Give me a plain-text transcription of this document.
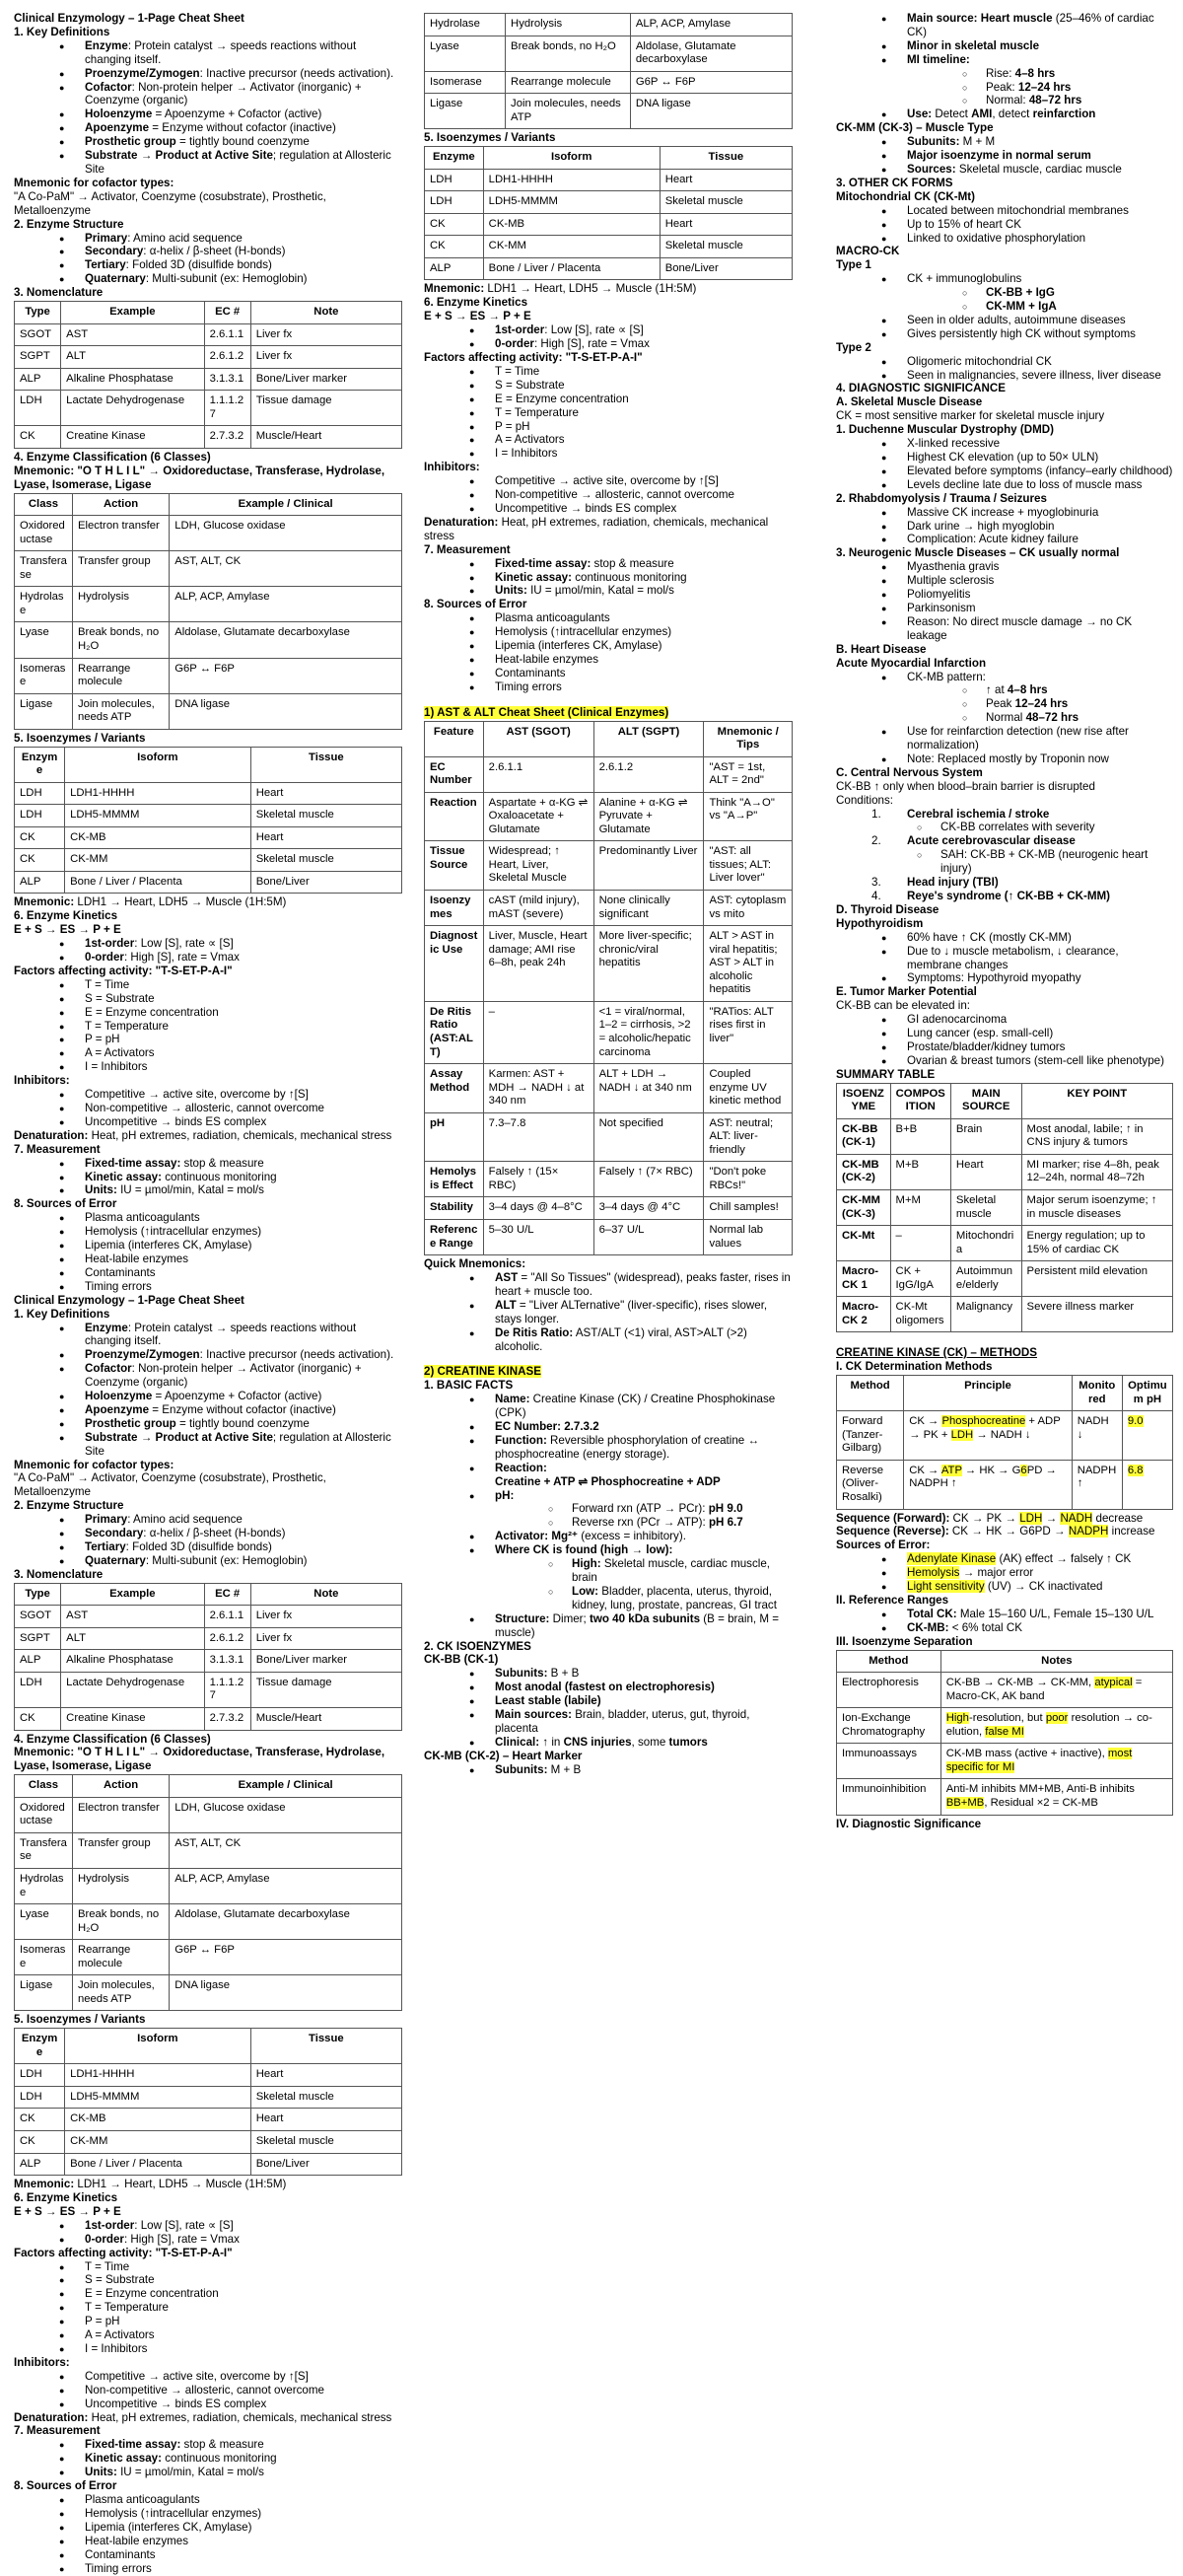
Clinical Enzymology – 1-Page Cheat Sheet
1. Key Definitions
● Enzyme: Protein catalyst → speeds reactions without changing itself.
● Proenzyme/Zymogen: Inactive precursor (needs activation).
● Cofactor: Non-protein helper → Activator (inorganic) + Coenzyme (organic)
● Holoenzyme = Apoenzyme + Cofactor (active)
● Apoenzyme = Enzyme without cofactor (inactive)
● Prosthetic group = tightly bound coenzyme
● Substrate → Product at Active Site; regulation at Allosteric Site
Mnemonic for cofactor types:
"A Co-PaM" → Activator, Coenzyme (cosubstrate), Prosthetic, Metalloenzyme
2. Enzyme Structure
● Primary: Amino acid sequence
● Secondary: α-helix / β-sheet (H-bonds)
● Tertiary: Folded 3D (disulfide bonds)
● Quaternary: Multi-subunit (ex: Hemoglobin)
3. Nomenclature
Type	Example	EC #	Note
SGOT	AST	2.6.1.1	Liver fx
SGPT	ALT	2.6.1.2	Liver fx
ALP	Alkaline Phosphatase	3.1.3.1	Bone/Liver marker
LDH	Lactate Dehydrogenase	1.1.1.27	Tissue damage
CK	Creatine Kinase	2.7.3.2	Muscle/Heart
4. Enzyme Classification (6 Classes)
Mnemonic: "O T H L I L" → Oxidoreductase, Transferase, Hydrolase, Lyase, Isomerase, Ligase
Class	Action	Example / Clinical
Oxidoreductase	Electron transfer	LDH, Glucose oxidase
Transferase	Transfer group	AST, ALT, CK
Hydrolase	Hydrolysis	ALP, ACP, Amylase
Lyase	Break bonds, no H₂O	Aldolase, Glutamate decarboxylase
Isomerase	Rearrange molecule	G6P ↔ F6P
Ligase	Join molecules, needs ATP	DNA ligase
5. Isoenzymes / Variants
Enzyme	Isoform	Tissue
LDH	LDH1-HHHH	Heart
LDH	LDH5-MMMM	Skeletal muscle
CK	CK-MB	Heart
CK	CK-MM	Skeletal muscle
ALP	Bone / Liver / Placenta	Bone/Liver
Mnemonic: LDH1 → Heart, LDH5 → Muscle (1H:5M)
6. Enzyme Kinetics
E + S → ES → P + E
● 1st-order: Low [S], rate ∝ [S]
● 0-order: High [S], rate = Vmax
Factors affecting activity: "T-S-ET-P-A-I"
● T = Time
● S = Substrate
● E = Enzyme concentration
● T = Temperature
● P = pH
● A = Activators
● I = Inhibitors
Inhibitors:
● Competitive → active site, overcome by ↑[S]
● Non-competitive → allosteric, cannot overcome
● Uncompetitive → binds ES complex
Denaturation: Heat, pH extremes, radiation, chemicals, mechanical stress
7. Measurement
● Fixed-time assay: stop & measure
● Kinetic assay: continuous monitoring
● Units: IU = µmol/min, Katal = mol/s
8. Sources of Error
● Plasma anticoagulants
● Hemolysis (↑intracellular enzymes)
● Lipemia (interferes CK, Amylase)
● Heat-labile enzymes
● Contaminants
● Timing errors
Clinical Enzymology – 1-Page Cheat Sheet
1. Key Definitions
● Enzyme: Protein catalyst → speeds reactions without changing itself.
● Proenzyme/Zymogen: Inactive precursor (needs activation).
● Cofactor: Non-protein helper → Activator (inorganic) + Coenzyme (organic)
● Holoenzyme = Apoenzyme + Cofactor (active)
● Apoenzyme = Enzyme without cofactor (inactive)
● Prosthetic group = tightly bound coenzyme
● Substrate → Product at Active Site; regulation at Allosteric Site
Mnemonic for cofactor types:
"A Co-PaM" → Activator, Coenzyme (cosubstrate), Prosthetic, Metalloenzyme
2. Enzyme Structure
● Primary: Amino acid sequence
● Secondary: α-helix / β-sheet (H-bonds)
● Tertiary: Folded 3D (disulfide bonds)
● Quaternary: Multi-subunit (ex: Hemoglobin)
3. Nomenclature
Type	Example	EC #	Note
SGOT	AST	2.6.1.1	Liver fx
SGPT	ALT	2.6.1.2	Liver fx
ALP	Alkaline Phosphatase	3.1.3.1	Bone/Liver marker
LDH	Lactate Dehydrogenase	1.1.1.27	Tissue damage
CK	Creatine Kinase	2.7.3.2	Muscle/Heart
4. Enzyme Classification (6 Classes)
Mnemonic: "O T H L I L" → Oxidoreductase, Transferase, Hydrolase, Lyase, Isomerase, Ligase
Class	Action	Example / Clinical
Oxidoreductase	Electron transfer	LDH, Glucose oxidase
Transferase	Transfer group	AST, ALT, CK
Hydrolase	Hydrolysis	ALP, ACP, Amylase
Lyase	Break bonds, no H₂O	Aldolase, Glutamate decarboxylase
Isomerase	Rearrange molecule	G6P ↔ F6P
Ligase	Join molecules, needs ATP	DNA ligase
5. Isoenzymes / Variants
Enzyme	Isoform	Tissue
LDH	LDH1-HHHH	Heart
LDH	LDH5-MMMM	Skeletal muscle
CK	CK-MB	Heart
CK	CK-MM	Skeletal muscle
ALP	Bone / Liver / Placenta	Bone/Liver
Mnemonic: LDH1 → Heart, LDH5 → Muscle (1H:5M)
6. Enzyme Kinetics
E + S → ES → P + E
● 1st-order: Low [S], rate ∝ [S]
● 0-order: High [S], rate = Vmax
Factors affecting activity: "T-S-ET-P-A-I"
● T = Time
● S = Substrate
● E = Enzyme concentration
● T = Temperature
● P = pH
● A = Activators
● I = Inhibitors
Inhibitors:
● Competitive → active site, overcome by ↑[S]
● Non-competitive → allosteric, cannot overcome
● Uncompetitive → binds ES complex
Denaturation: Heat, pH extremes, radiation, chemicals, mechanical stress
7. Measurement
● Fixed-time assay: stop & measure
● Kinetic assay: continuous monitoring
● Units: IU = µmol/min, Katal = mol/s
8. Sources of Error
● Plasma anticoagulants
● Hemolysis (↑intracellular enzymes)
● Lipemia (interferes CK, Amylase)
● Heat-labile enzymes
● Contaminants
● Timing errors
Hydrolase	Hydrolysis	ALP, ACP, Amylase
Lyase	Break bonds, no H₂O	Aldolase, Glutamate decarboxylase
Isomerase	Rearrange molecule	G6P ↔ F6P
Ligase	Join molecules, needs ATP	DNA ligase
5. Isoenzymes / Variants
Enzyme	Isoform	Tissue
LDH	LDH1-HHHH	Heart
LDH	LDH5-MMMM	Skeletal muscle
CK	CK-MB	Heart
CK	CK-MM	Skeletal muscle
ALP	Bone / Liver / Placenta	Bone/Liver
Mnemonic: LDH1 → Heart, LDH5 → Muscle (1H:5M)
6. Enzyme Kinetics
E + S → ES → P + E
● 1st-order: Low [S], rate ∝ [S]
● 0-order: High [S], rate = Vmax
Factors affecting activity: "T-S-ET-P-A-I"
● T = Time
● S = Substrate
● E = Enzyme concentration
● T = Temperature
● P = pH
● A = Activators
● I = Inhibitors
Inhibitors:
● Competitive → active site, overcome by ↑[S]
● Non-competitive → allosteric, cannot overcome
● Uncompetitive → binds ES complex
Denaturation: Heat, pH extremes, radiation, chemicals, mechanical stress
7. Measurement
● Fixed-time assay: stop & measure
● Kinetic assay: continuous monitoring
● Units: IU = µmol/min, Katal = mol/s
8. Sources of Error
● Plasma anticoagulants
● Hemolysis (↑intracellular enzymes)
● Lipemia (interferes CK, Amylase)
● Heat-labile enzymes
● Contaminants
● Timing errors
1) AST & ALT Cheat Sheet (Clinical Enzymes)
Feature	AST (SGOT)	ALT (SGPT)	Mnemonic / Tips
EC Number	2.6.1.1	2.6.1.2	"AST = 1st, ALT = 2nd"
Reaction	Aspartate + α-KG ⇌ Oxaloacetate + Glutamate	Alanine + α-KG ⇌ Pyruvate + Glutamate	Think "A→O" vs "A→P"
Tissue Source	Widespread; ↑ Heart, Liver, Skeletal Muscle	Predominantly Liver	"AST: all tissues; ALT: Liver lover"
Isoenzymes	cAST (mild injury), mAST (severe)	None clinically significant	AST: cytoplasm vs mito
Diagnostic Use	Liver, Muscle, Heart damage; AMI rise 6–8h, peak 24h	More liver-specific; chronic/viral hepatitis	ALT > AST in viral hepatitis; AST > ALT in alcoholic hepatitis
De Ritis Ratio (AST:ALT)	–	<1 = viral/normal, 1–2 = cirrhosis, >2 = alcoholic/hepatic carcinoma	"RATios: ALT rises first in liver"
Assay Method	Karmen: AST + MDH → NADH ↓ at 340 nm	ALT + LDH → NADH ↓ at 340 nm	Coupled enzyme UV kinetic method
pH	7.3–7.8	Not specified	AST: neutral; ALT: liver-friendly
Hemolysis Effect	Falsely ↑ (15× RBC)	Falsely ↑ (7× RBC)	"Don't poke RBCs!"
Stability	3–4 days @ 4–8°C	3–4 days @ 4°C	Chill samples!
Reference Range	5–30 U/L	6–37 U/L	Normal lab values
Quick Mnemonics:
● AST = "All So Tissues" (widespread), peaks faster, rises in heart + muscle too.
● ALT = "Liver ALTernative" (liver-specific), rises slower, stays longer.
● De Ritis Ratio: AST/ALT (<1) viral, AST>ALT (>2) alcoholic.
2) CREATINE KINASE
1. BASIC FACTS
● Name: Creatine Kinase (CK) / Creatine Phosphokinase (CPK)
● EC Number: 2.7.3.2
● Function: Reversible phosphorylation of creatine ↔ phosphocreatine (energy storage).
● Reaction:
Creatine + ATP ⇌ Phosphocreatine + ADP
● pH:
○ Forward rxn (ATP → PCr): pH 9.0
○ Reverse rxn (PCr → ATP): pH 6.7
● Activator: Mg²⁺ (excess = inhibitory).
● Where CK is found (high → low):
○ High: Skeletal muscle, cardiac muscle, brain
○ Low: Bladder, placenta, uterus, thyroid, kidney, lung, prostate, pancreas, GI tract
● Structure: Dimer; two 40 kDa subunits (B = brain, M = muscle)
2. CK ISOENZYMES
CK-BB (CK-1)
● Subunits: B + B
● Most anodal (fastest on electrophoresis)
● Least stable (labile)
● Main sources: Brain, bladder, uterus, gut, thyroid, placenta
● Clinical: ↑ in CNS injuries, some tumors
CK-MB (CK-2) – Heart Marker
● Subunits: M + B
● Main source: Heart muscle (25–46% of cardiac CK)
● Minor in skeletal muscle
● MI timeline:
○ Rise: 4–8 hrs
○ Peak: 12–24 hrs
○ Normal: 48–72 hrs
● Use: Detect AMI, detect reinfarction
CK-MM (CK-3) – Muscle Type
● Subunits: M + M
● Major isoenzyme in normal serum
● Sources: Skeletal muscle, cardiac muscle
3. OTHER CK FORMS
Mitochondrial CK (CK-Mt)
● Located between mitochondrial membranes
● Up to 15% of heart CK
● Linked to oxidative phosphorylation
MACRO-CK
Type 1
● CK + immunoglobulins
○ CK-BB + IgG
○ CK-MM + IgA
● Seen in older adults, autoimmune diseases
● Gives persistently high CK without symptoms
Type 2
● Oligomeric mitochondrial CK
● Seen in malignancies, severe illness, liver disease
4. DIAGNOSTIC SIGNIFICANCE
A. Skeletal Muscle Disease
CK = most sensitive marker for skeletal muscle injury
1. Duchenne Muscular Dystrophy (DMD)
● X-linked recessive
● Highest CK elevation (up to 50× ULN)
● Elevated before symptoms (infancy–early childhood)
● Levels decline late due to loss of muscle mass
2. Rhabdomyolysis / Trauma / Seizures
● Massive CK increase + myoglobinuria
● Dark urine → high myoglobin
● Complication: Acute kidney failure
3. Neurogenic Muscle Diseases – CK usually normal
● Myasthenia gravis
● Multiple sclerosis
● Poliomyelitis
● Parkinsonism
● Reason: No direct muscle damage → no CK leakage
B. Heart Disease
Acute Myocardial Infarction
● CK-MB pattern:
○ ↑ at 4–8 hrs
○ Peak 12–24 hrs
○ Normal 48–72 hrs
● Use for reinfarction detection (new rise after normalization)
● Note: Replaced mostly by Troponin now
C. Central Nervous System
CK-BB ↑ only when blood–brain barrier is disrupted
Conditions:
1. Cerebral ischemia / stroke
○ CK-BB correlates with severity
2. Acute cerebrovascular disease
○ SAH: CK-BB + CK-MB (neurogenic heart injury)
3. Head injury (TBI)
4. Reye's syndrome (↑ CK-BB + CK-MM)
D. Thyroid Disease
Hypothyroidism
● 60% have ↑ CK (mostly CK-MM)
● Due to ↓ muscle metabolism, ↓ clearance, membrane changes
● Symptoms: Hypothyroid myopathy
E. Tumor Marker Potential
CK-BB can be elevated in:
● GI adenocarcinoma
● Lung cancer (esp. small-cell)
● Prostate/bladder/kidney tumors
● Ovarian & breast tumors (stem-cell like phenotype)
SUMMARY TABLE
ISOENZYME	COMPOSITION	MAIN SOURCE	KEY POINT
CK-BB (CK-1)	B+B	Brain	Most anodal, labile; ↑ in CNS injury & tumors
CK-MB (CK-2)	M+B	Heart	MI marker; rise 4–8h, peak 12–24h, normal 48–72h
CK-MM (CK-3)	M+M	Skeletal muscle	Major serum isoenzyme; ↑ in muscle diseases
CK-Mt	–	Mitochondria	Energy regulation; up to 15% of cardiac CK
Macro-CK 1	CK + IgG/IgA	Autoimmune/elderly	Persistent mild elevation
Macro-CK 2	CK-Mt oligomers	Malignancy	Severe illness marker
CREATINE KINASE (CK) – METHODS
I. CK Determination Methods
Method	Principle	Monitored	Optimum pH
Forward (Tanzer-Gilbarg)	CK → Phosphocreatine + ADP → PK + LDH → NADH ↓	NADH ↓	9.0
Reverse (Oliver-Rosalki)	CK → ATP → HK → G6PD → NADPH ↑	NADPH ↑	6.8
Sequence (Forward): CK → PK → LDH → NADH decrease
Sequence (Reverse): CK → HK → G6PD → NADPH increase
Sources of Error:
● Adenylate Kinase (AK) effect → falsely ↑ CK
● Hemolysis → major error
● Light sensitivity (UV) → CK inactivated
II. Reference Ranges
● Total CK: Male 15–160 U/L, Female 15–130 U/L
● CK-MB: < 6% total CK
III. Isoenzyme Separation
Method	Notes
Electrophoresis	CK-BB → CK-MB → CK-MM, atypical = Macro-CK, AK band
Ion-Exchange Chromatography	High-resolution, but poor resolution → co-elution, false MI
Immunoassays	CK-MB mass (active + inactive), most specific for MI
Immunoinhibition	Anti-M inhibits MM+MB, Anti-B inhibits BB+MB, Residual ×2 = CK-MB
IV. Diagnostic Significance
